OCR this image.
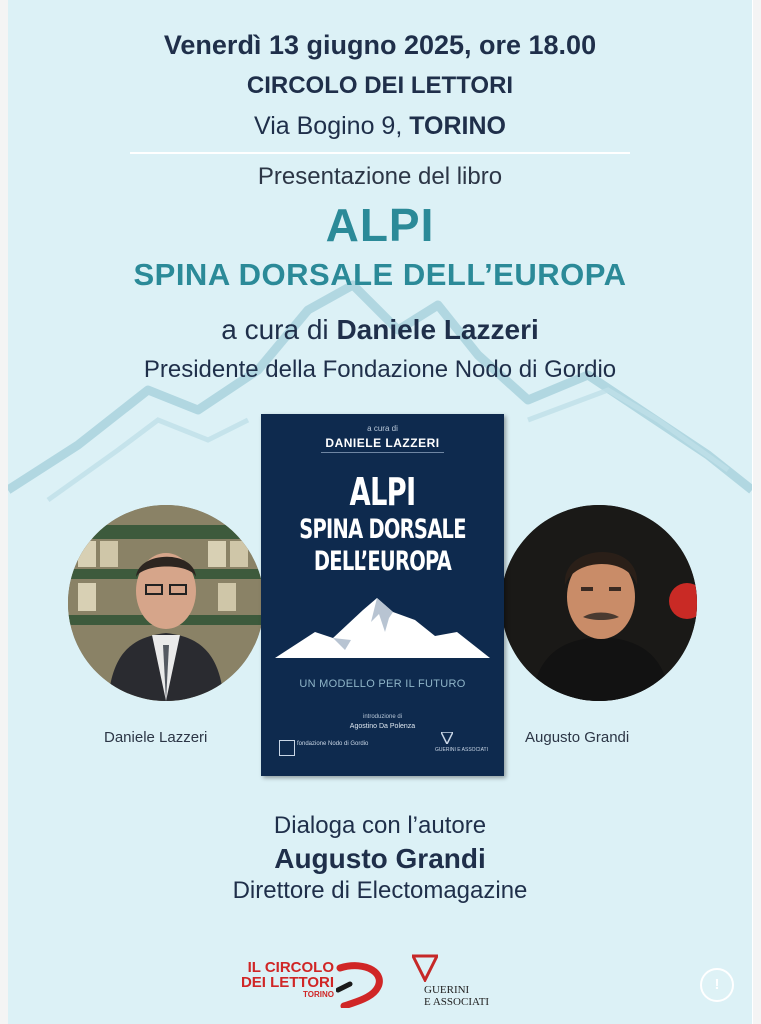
Venerdì 13 giugno 2025, ore 18.00
CIRCOLO DEI LETTORI
Via Bogino 9, TORINO
Presentazione del libro
ALPI
SPINA DORSALE DELL’EUROPA
a cura di Daniele Lazzeri
Presidente della Fondazione Nodo di Gordio
Daniele Lazzeri	Augusto Grandi
a cura di
DANIELE LAZZERI
ALPI
SPINA DORSALE
DELL’EUROPA
UN MODELLO PER IL FUTURO
introduzione di
Agostino Da Polenza
fondazione Nodo di Gordio
GUERINI E ASSOCIATI
Dialoga con l’autore
Augusto Grandi
Direttore di Electomagazine
IL CIRCOLO
DEI LETTORI
TORINO	GUERINI
E ASSOCIATI
!
